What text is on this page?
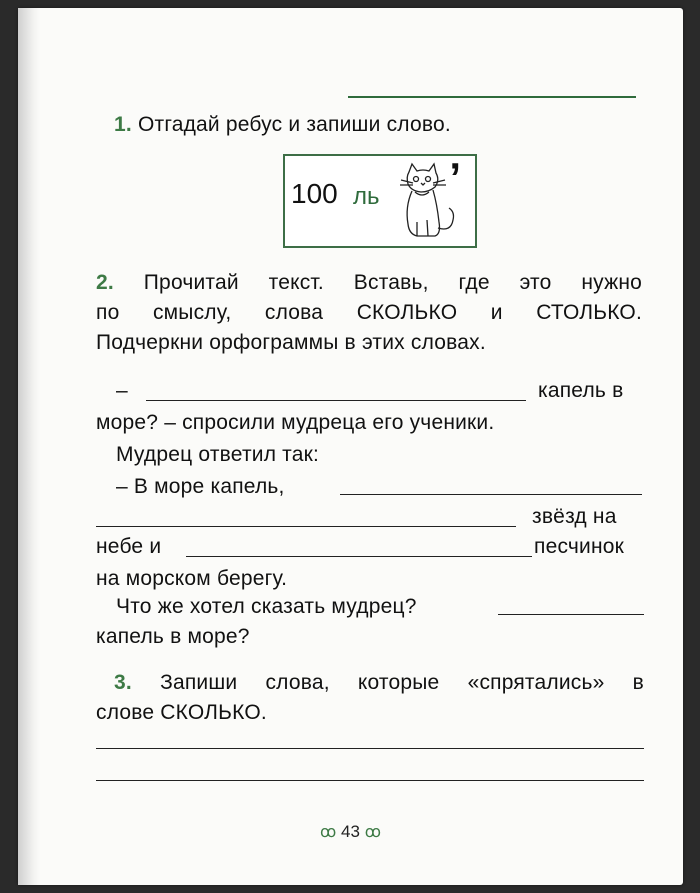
1. Отгадай ребус и запиши слово.
100 ль ’
2. Прочитай текст. Вставь, где это нужно
по смыслу, слова СКОЛЬКО и СТОЛЬКО.
Подчеркни орфограммы в этих словах.
–	капель в
море? – спросили мудреца его ученики.
Мудрец ответил так:
– В море капель,
звёзд на
небе и	песчинок
на морском берегу.
Что же хотел сказать мудрец?
капель в море?
3. Запиши слова, которые «спрятались» в
слове СКОЛЬКО.
ꝏ 43 ꝏ
